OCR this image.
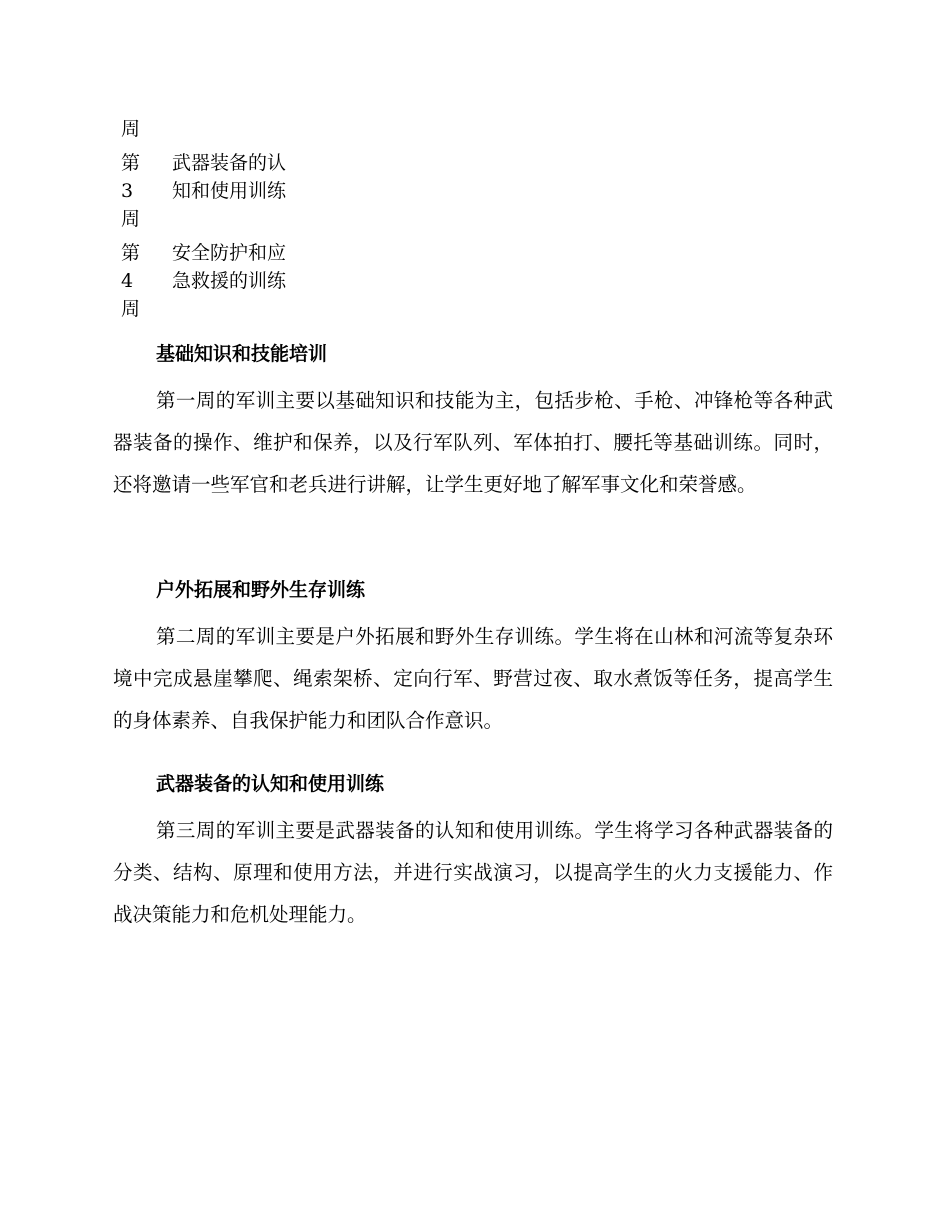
周
第
3
周
武器装备的认
知和使用训练
第
4
周
安全防护和应
急救援的训练
基础知识和技能培训
第一周的军训主要以基础知识和技能为主，包括步枪、手枪、冲锋枪等各种武器装备的操作、维护和保养，以及行军队列、军体拍打、腰托等基础训练。同时，还将邀请一些军官和老兵进行讲解，让学生更好地了解军事文化和荣誉感。
户外拓展和野外生存训练
第二周的军训主要是户外拓展和野外生存训练。学生将在山林和河流等复杂环境中完成悬崖攀爬、绳索架桥、定向行军、野营过夜、取水煮饭等任务，提高学生的身体素养、自我保护能力和团队合作意识。
武器装备的认知和使用训练
第三周的军训主要是武器装备的认知和使用训练。学生将学习各种武器装备的分类、结构、原理和使用方法，并进行实战演习，以提高学生的火力支援能力、作战决策能力和危机处理能力。
